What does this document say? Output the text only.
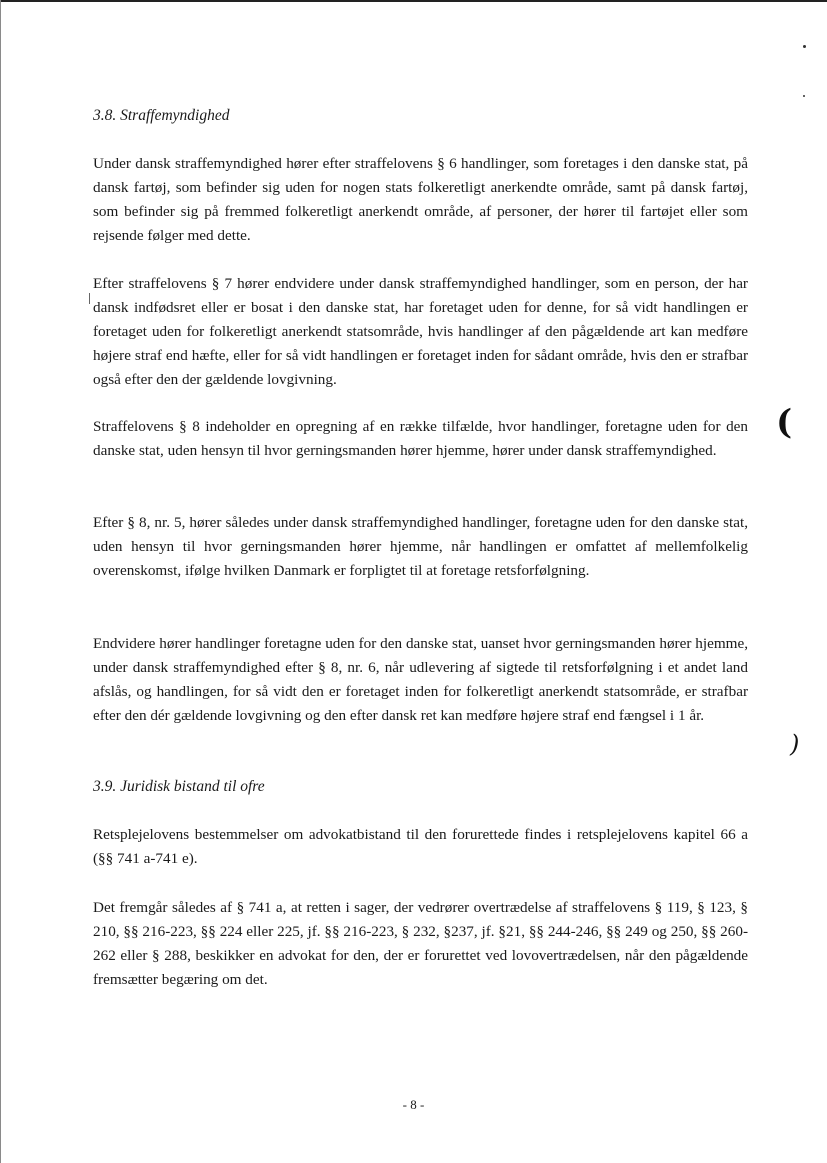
3.8. Straffemyndighed

Under dansk straffemyndighed hører efter straffelovens § 6 handlinger, som foretages i den danske stat, på dansk fartøj, som befinder sig uden for nogen stats folkeretligt anerkendte område, samt på dansk fartøj, som befinder sig på fremmed folkeretligt anerkendt område, af personer, der hører til fartøjet eller som rejsende følger med dette.

Efter straffelovens § 7 hører endvidere under dansk straffemyndighed handlinger, som en person, der har dansk indfødsret eller er bosat i den danske stat, har foretaget uden for denne, for så vidt handlingen er foretaget uden for folkeretligt anerkendt statsområde, hvis handlinger af den pågældende art kan medføre højere straf end hæfte, eller for så vidt handlingen er foretaget inden for sådant område, hvis den er strafbar også efter den der gældende lovgivning.

Straffelovens § 8 indeholder en opregning af en række tilfælde, hvor handlinger, foretagne uden for den danske stat, uden hensyn til hvor gerningsmanden hører hjemme, hører under dansk straffemyndighed.

Efter § 8, nr. 5, hører således under dansk straffemyndighed handlinger, foretagne uden for den danske stat, uden hensyn til hvor gerningsmanden hører hjemme, når handlingen er omfattet af mellemfolkelig overenskomst, ifølge hvilken Danmark er forpligtet til at foretage retsforfølgning.

Endvidere hører handlinger foretagne uden for den danske stat, uanset hvor gerningsmanden hører hjemme, under dansk straffemyndighed efter § 8, nr. 6, når udlevering af sigtede til retsforfølgning i et andet land afslås, og handlingen, for så vidt den er foretaget inden for folkeretligt anerkendt statsområde, er strafbar efter den dér gældende lovgivning og den efter dansk ret kan medføre højere straf end fængsel i 1 år.

3.9. Juridisk bistand til ofre

Retsplejelovens bestemmelser om advokatbistand til den forurettede findes i retsplejelovens kapitel 66 a (§§ 741 a-741 e).

Det fremgår således af § 741 a, at retten i sager, der vedrører overtrædelse af straffelovens § 119, § 123, § 210, §§ 216-223, §§ 224 eller 225, jf. §§ 216-223, § 232, §237, jf. §21, §§ 244-246, §§ 249 og 250, §§ 260-262 eller § 288, beskikker en advokat for den, der er forurettet ved lovovertrædelsen, når den pågældende fremsætter begæring om det.

- 8 -
)
)
